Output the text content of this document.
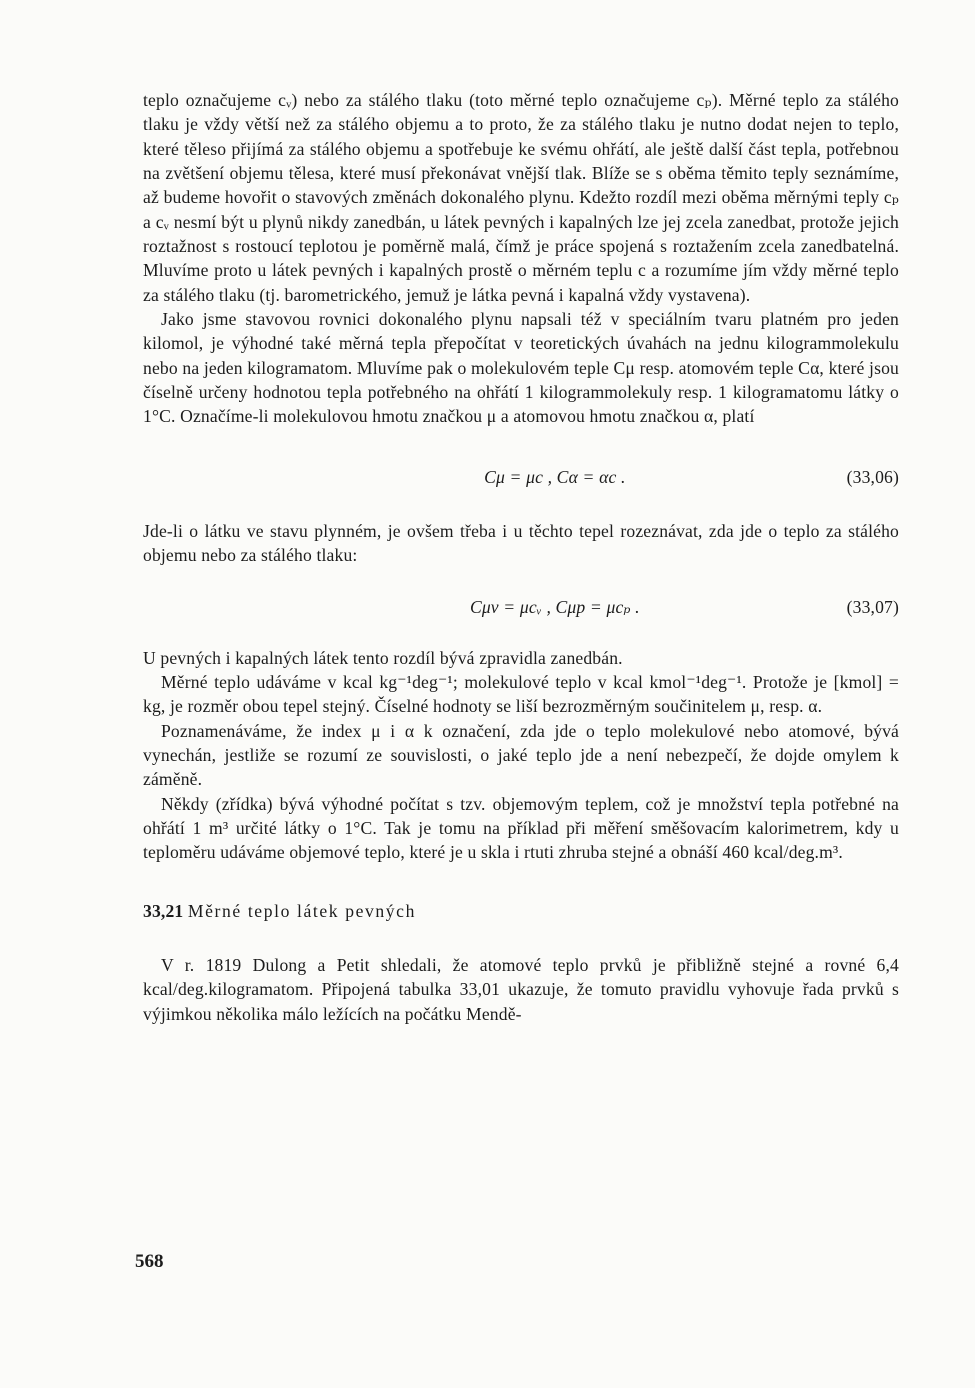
teplo označujeme cᵥ) nebo za stálého tlaku (toto měrné teplo označujeme cₚ). Měrné teplo za stálého tlaku je vždy větší než za stálého objemu a to proto, že za stálého tlaku je nutno dodat nejen to teplo, které těleso přijímá za stálého objemu a spotřebuje ke svému ohřátí, ale ještě další část tepla, potřebnou na zvětšení objemu tělesa, které musí překonávat vnější tlak. Blíže se s oběma těmito teply seznámíme, až budeme hovořit o stavových změnách dokonalého plynu. Kdežto rozdíl mezi oběma měrnými teply cₚ a cᵥ nesmí být u plynů nikdy zanedbán, u látek pevných i kapalných lze jej zcela zanedbat, protože jejich roztažnost s rostoucí teplotou je poměrně malá, čímž je práce spojená s roztažením zcela zanedbatelná. Mluvíme proto u látek pevných i kapalných prostě o měrném teplu c a rozumíme jím vždy měrné teplo za stálého tlaku (tj. barometrického, jemuž je látka pevná i kapalná vždy vystavena).

Jako jsme stavovou rovnici dokonalého plynu napsali též v speciálním tvaru platném pro jeden kilomol, je výhodné také měrná tepla přepočítat v teoretických úvahách na jednu kilogrammolekulu nebo na jeden kilogramatom. Mluvíme pak o molekulovém teple Cμ resp. atomovém teple Cα, které jsou číselně určeny hodnotou tepla potřebného na ohřátí 1 kilogrammolekuly resp. 1 kilogramatomu látky o 1°C. Označíme-li molekulovou hmotu značkou μ a atomovou hmotu značkou α, platí

Cμ = μc , Cα = αc .	(33,06)

Jde-li o látku ve stavu plynném, je ovšem třeba i u těchto tepel rozeznávat, zda jde o teplo za stálého objemu nebo za stálého tlaku:

Cμv = μcᵥ , Cμp = μcₚ .	(33,07)

U pevných i kapalných látek tento rozdíl bývá zpravidla zanedbán.

Měrné teplo udáváme v kcal kg⁻¹deg⁻¹; molekulové teplo v kcal kmol⁻¹deg⁻¹. Protože je [kmol] = kg, je rozměr obou tepel stejný. Číselné hodnoty se liší bezrozměrným součinitelem μ, resp. α.

Poznamenáváme, že index μ i α k označení, zda jde o teplo molekulové nebo atomové, bývá vynechán, jestliže se rozumí ze souvislosti, o jaké teplo jde a není nebezpečí, že dojde omylem k záměně.

Někdy (zřídka) bývá výhodné počítat s tzv. objemovým teplem, což je množství tepla potřebné na ohřátí 1 m³ určité látky o 1°C. Tak je tomu na příklad při měření směšovacím kalorimetrem, kdy u teploměru udáváme objemové teplo, které je u skla i rtuti zhruba stejné a obnáší 460 kcal/deg.m³.

33,21 Měrné teplo látek pevných

V r. 1819 Dulong a Petit shledali, že atomové teplo prvků je přibližně stejné a rovné 6,4 kcal/deg.kilogramatom. Připojená tabulka 33,01 ukazuje, že tomuto pravidlu vyhovuje řada prvků s výjimkou několika málo ležících na počátku Mendě-

568
